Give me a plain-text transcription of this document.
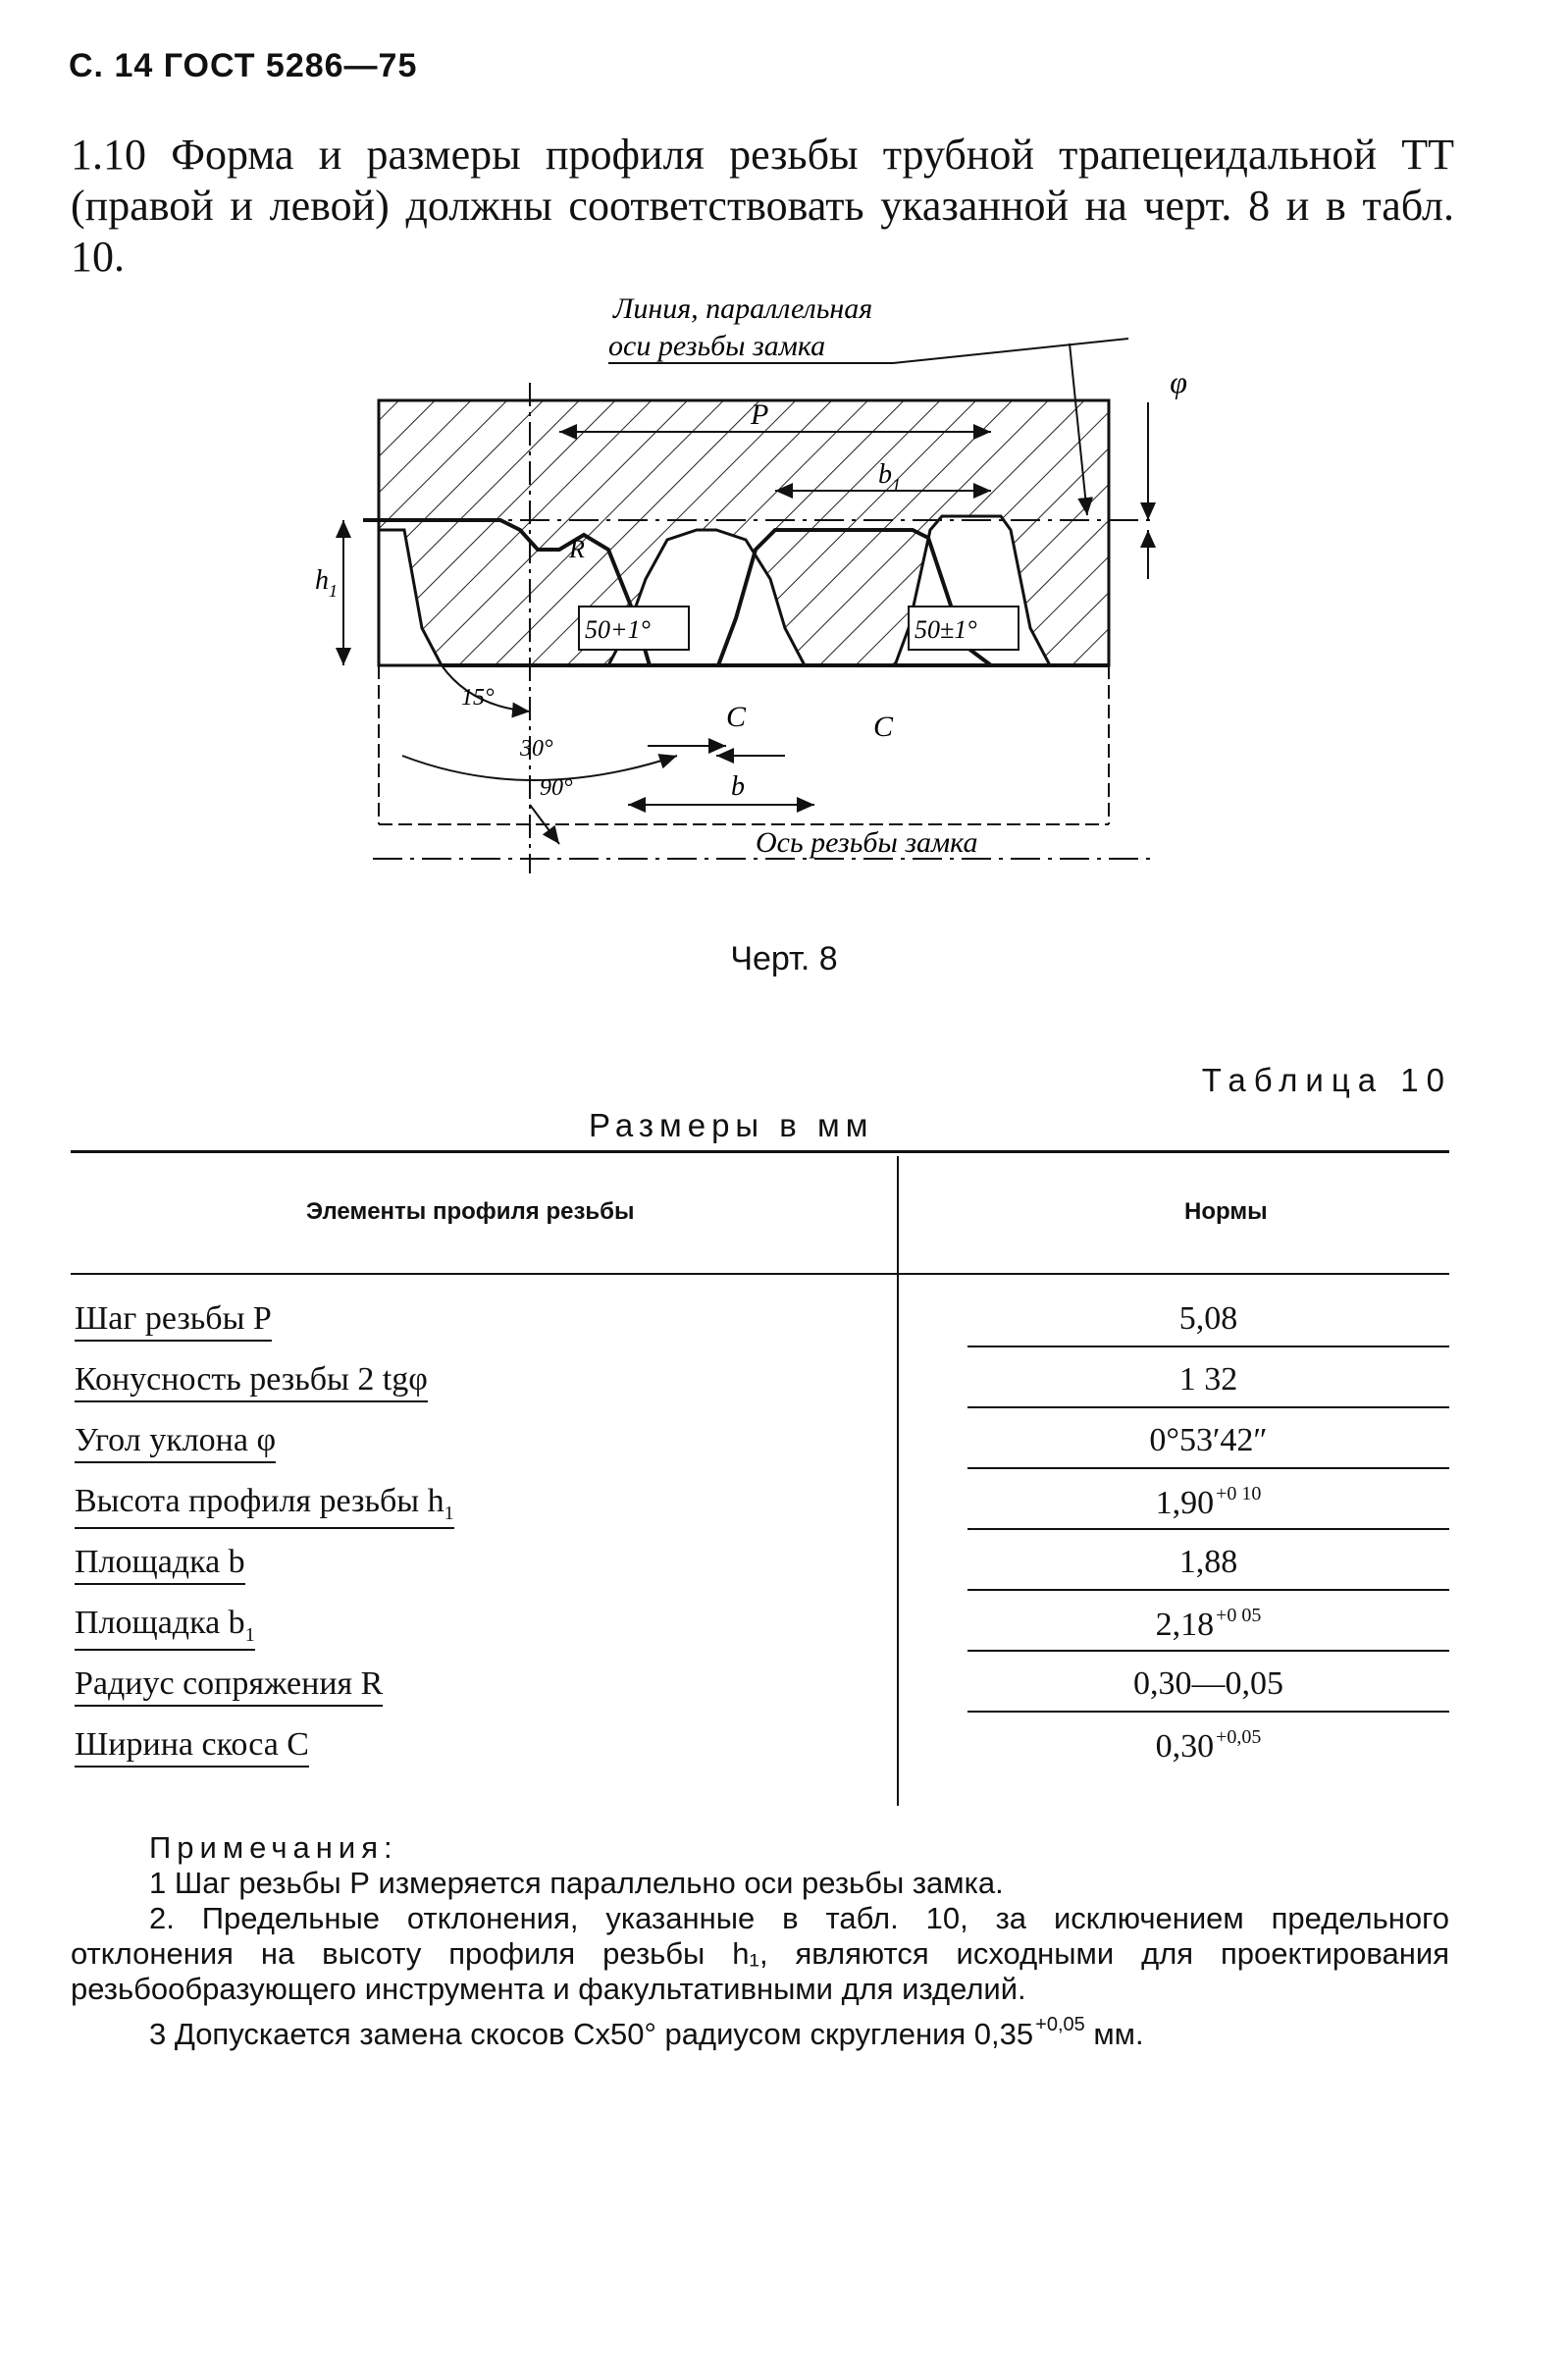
С. 14 ГОСТ 5286—75
1.10 Форма и размеры профиля резьбы трубной трапецеидальной ТТ (правой и левой) должны соответствовать указанной на черт. 8 и в табл. 10.
P
$b_1$
Линия, параллельная
оси резьбы замка
φ
$h_1$
R
50+1°	50±1°
15°
30°
90°
C	C
b
Ось резьбы замка
Черт. 8
Таблица 10
Размеры в мм
Элементы профиля резьбы	Нормы
Шаг резьбы P	5,08
Конусность резьбы 2 tgφ	1 32
Угол уклона φ	0°53′42″
Высота профиля резьбы $h_1$	1,90 $^{+0 10}$
Площадка b	1,88
Площадка $b_1$	2,18 $^{+0 05}$
Радиус сопряжения R	0,30—0,05
Ширина скоса C	0,30 $^{+0,05}$

Примечания:

1 Шаг резьбы Р измеряется параллельно оси резьбы замка.

2. Предельные отклонения, указанные в табл. 10, за исключением предельного отклонения на высоту профиля резьбы h₁, являются исходными для проектирования резьбообразующего инструмента и факультативными для изделий.

3 Допускается замена скосов Cx50° радиусом скругления 0,35 $^{+0,05}$ мм.
